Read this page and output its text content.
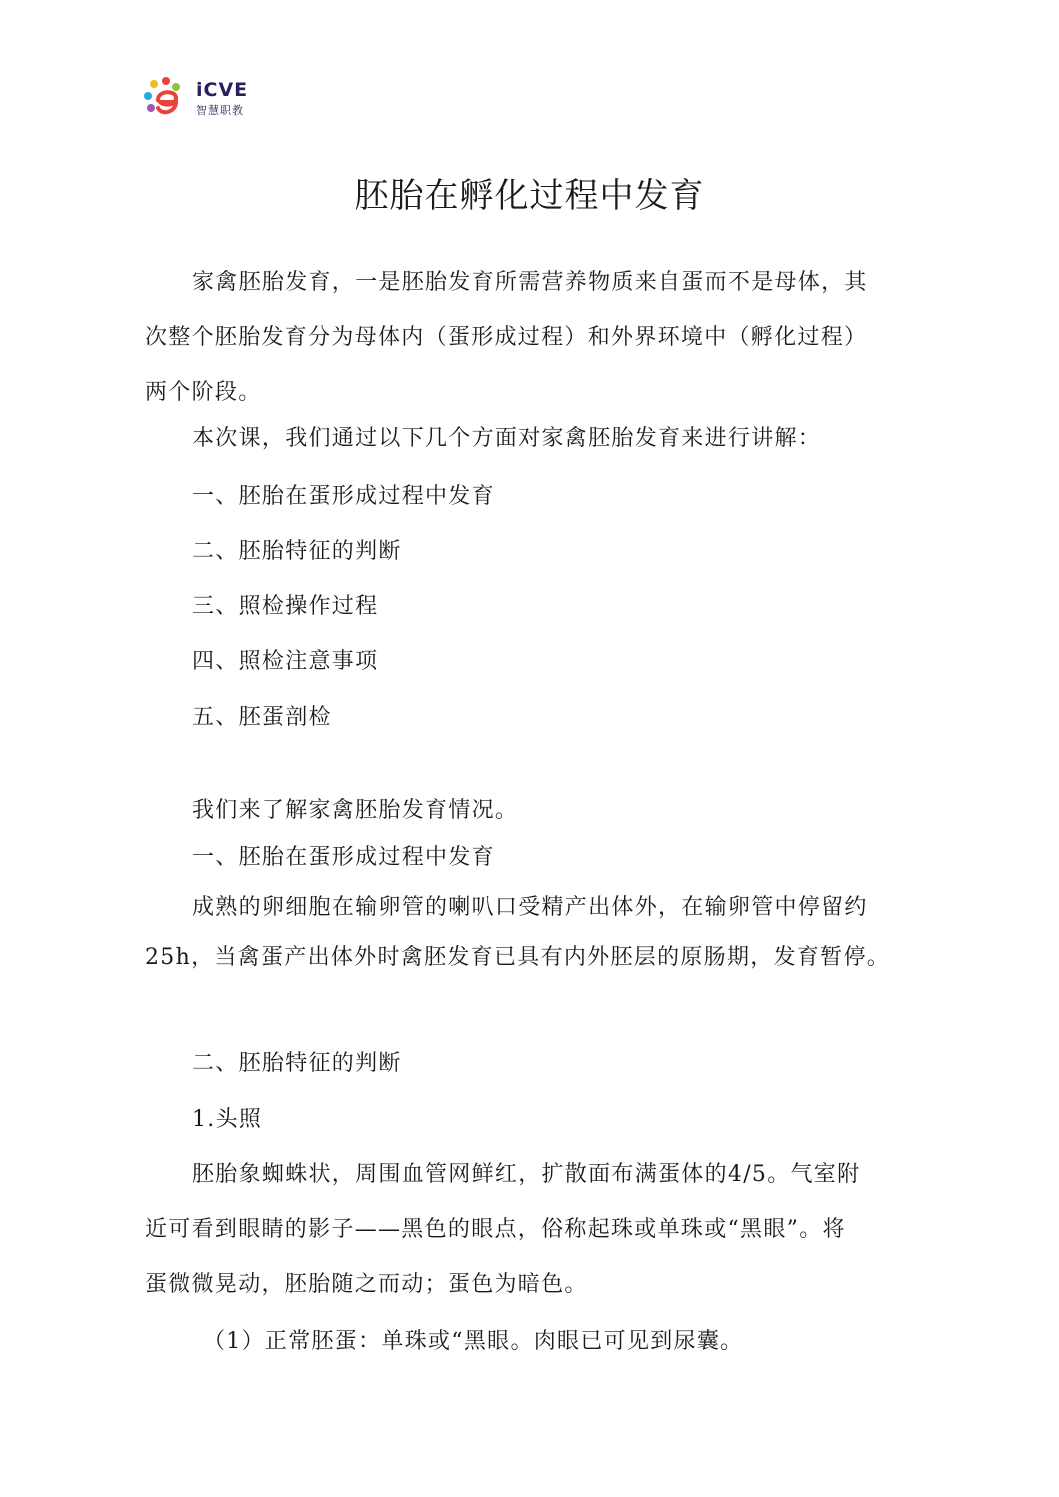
iCVE
智慧职教
胚胎在孵化过程中发育
家禽胚胎发育，一是胚胎发育所需营养物质来自蛋而不是母体，其
次整个胚胎发育分为母体内（蛋形成过程）和外界环境中（孵化过程）
两个阶段。
本次课，我们通过以下几个方面对家禽胚胎发育来进行讲解：
一、胚胎在蛋形成过程中发育
二、胚胎特征的判断
三、照检操作过程
四、照检注意事项
五、胚蛋剖检
我们来了解家禽胚胎发育情况。
一、胚胎在蛋形成过程中发育
成熟的卵细胞在输卵管的喇叭口受精产出体外，在输卵管中停留约
25h，当禽蛋产出体外时禽胚发育已具有内外胚层的原肠期，发育暂停。
二、胚胎特征的判断
1.头照
胚胎象蜘蛛状，周围血管网鲜红，扩散面布满蛋体的4/5。气室附
近可看到眼睛的影子——黑色的眼点，俗称起珠或单珠或“黑眼”。将
蛋微微晃动，胚胎随之而动；蛋色为暗色。
（1）正常胚蛋：单珠或“黑眼。肉眼已可见到尿囊。
